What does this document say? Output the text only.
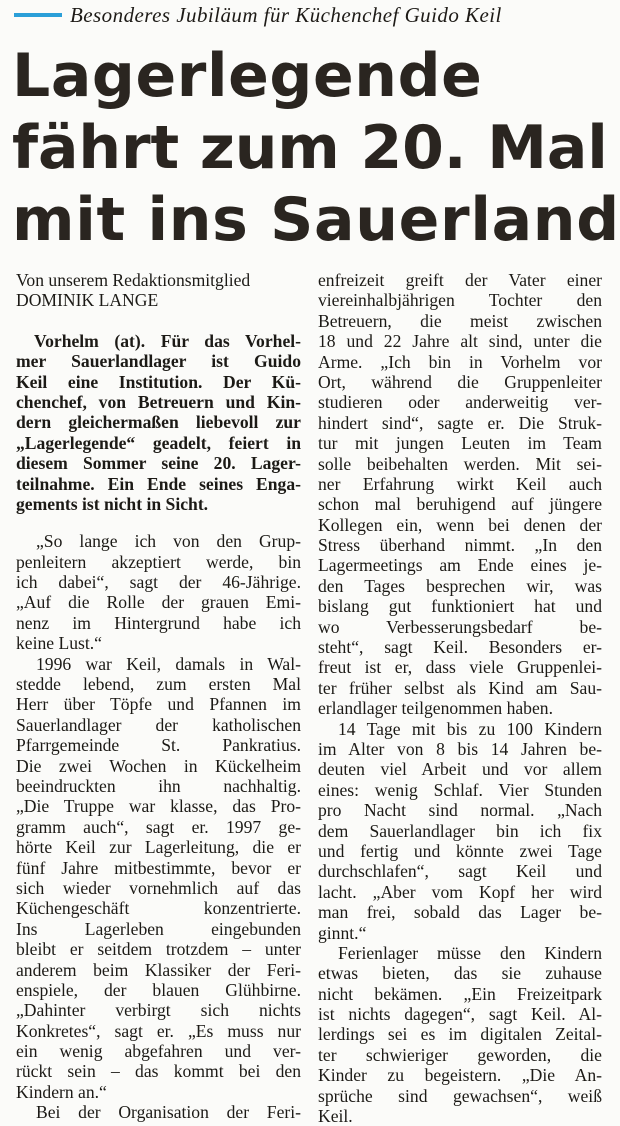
Besonderes Jubiläum für Küchenchef Guido Keil
Lagerlegende
fährt zum 20. Mal
mit ins Sauerland
Von unserem Redaktionsmitglied
DOMINIK LANGE
Vorhelm (at). Für das Vorhel-
mer Sauerlandlager ist Guido
Keil eine Institution. Der Kü-
chenchef, von Betreuern und Kin-
dern gleichermaßen liebevoll zur
„Lagerlegende“ geadelt, feiert in
diesem Sommer seine 20. Lager-
teilnahme. Ein Ende seines Enga-
gements ist nicht in Sicht.
„So lange ich von den Grup-
penleitern akzeptiert werde, bin
ich dabei“, sagt der 46-Jährige.
„Auf die Rolle der grauen Emi-
nenz im Hintergrund habe ich
keine Lust.“
1996 war Keil, damals in Wal-
stedde lebend, zum ersten Mal
Herr über Töpfe und Pfannen im
Sauerlandlager der katholischen
Pfarrgemeinde St. Pankratius.
Die zwei Wochen in Kückelheim
beeindruckten ihn nachhaltig.
„Die Truppe war klasse, das Pro-
gramm auch“, sagt er. 1997 ge-
hörte Keil zur Lagerleitung, die er
fünf Jahre mitbestimmte, bevor er
sich wieder vornehmlich auf das
Küchengeschäft konzentrierte.
Ins Lagerleben eingebunden
bleibt er seitdem trotzdem – unter
anderem beim Klassiker der Feri-
enspiele, der blauen Glühbirne.
„Dahinter verbirgt sich nichts
Konkretes“, sagt er. „Es muss nur
ein wenig abgefahren und ver-
rückt sein – das kommt bei den
Kindern an.“
Bei der Organisation der Feri-
enfreizeit greift der Vater einer
viereinhalbjährigen Tochter den
Betreuern, die meist zwischen
18 und 22 Jahre alt sind, unter die
Arme. „Ich bin in Vorhelm vor
Ort, während die Gruppenleiter
studieren oder anderweitig ver-
hindert sind“, sagte er. Die Struk-
tur mit jungen Leuten im Team
solle beibehalten werden. Mit sei-
ner Erfahrung wirkt Keil auch
schon mal beruhigend auf jüngere
Kollegen ein, wenn bei denen der
Stress überhand nimmt. „In den
Lagermeetings am Ende eines je-
den Tages besprechen wir, was
bislang gut funktioniert hat und
wo Verbesserungsbedarf be-
steht“, sagt Keil. Besonders er-
freut ist er, dass viele Gruppenlei-
ter früher selbst als Kind am Sau-
erlandlager teilgenommen haben.
14 Tage mit bis zu 100 Kindern
im Alter von 8 bis 14 Jahren be-
deuten viel Arbeit und vor allem
eines: wenig Schlaf. Vier Stunden
pro Nacht sind normal. „Nach
dem Sauerlandlager bin ich fix
und fertig und könnte zwei Tage
durchschlafen“, sagt Keil und
lacht. „Aber vom Kopf her wird
man frei, sobald das Lager be-
ginnt.“
Ferienlager müsse den Kindern
etwas bieten, das sie zuhause
nicht bekämen. „Ein Freizeitpark
ist nichts dagegen“, sagt Keil. Al-
lerdings sei es im digitalen Zeital-
ter schwieriger geworden, die
Kinder zu begeistern. „Die An-
sprüche sind gewachsen“, weiß
Keil.
